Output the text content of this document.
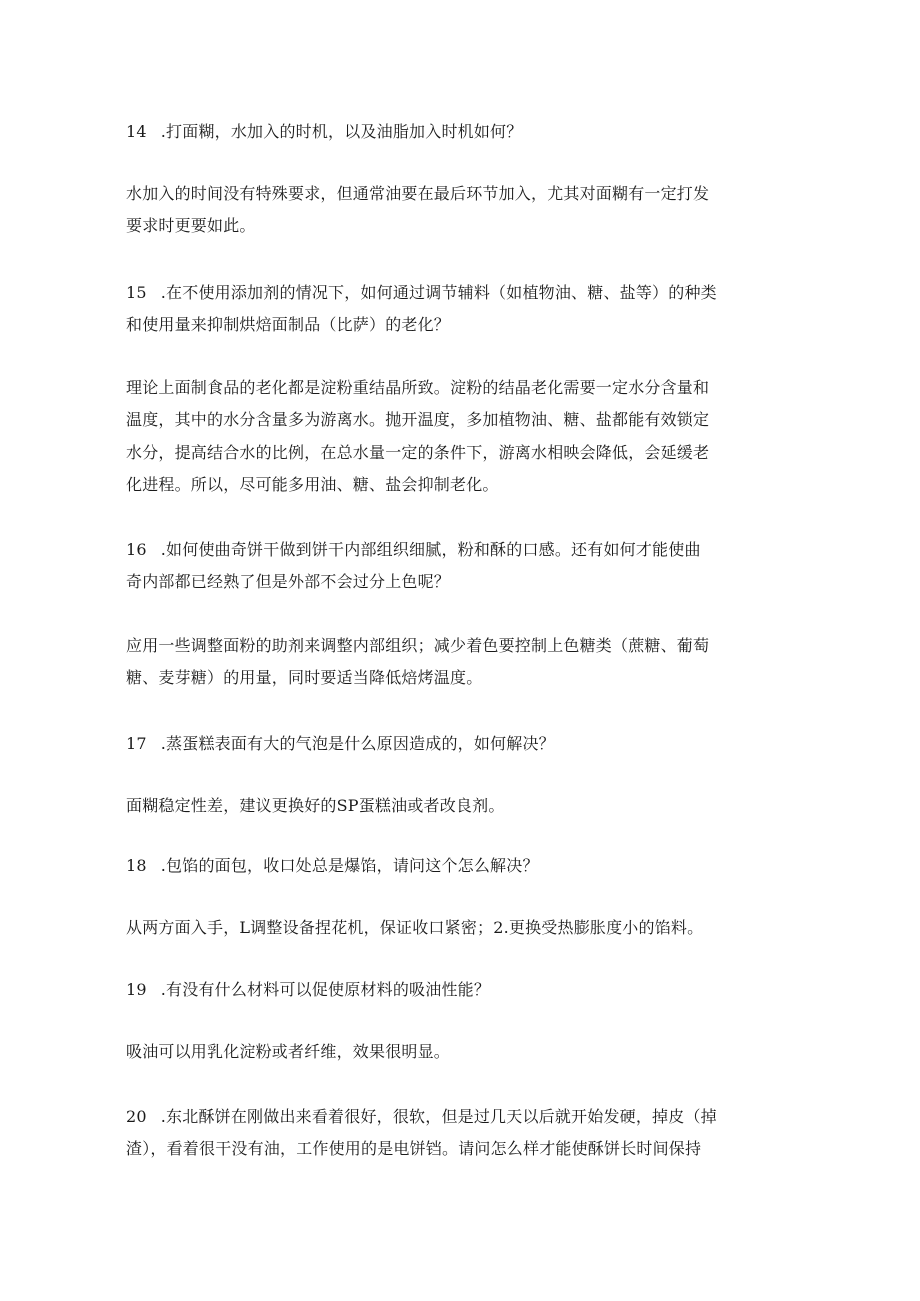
14 .打面糊，水加入的时机，以及油脂加入时机如何？
水加入的时间没有特殊要求，但通常油要在最后环节加入，尤其对面糊有一定打发
要求时更要如此。
15 .在不使用添加剂的情况下，如何通过调节辅料（如植物油、糖、盐等）的种类
和使用量来抑制烘焙面制品（比萨）的老化？
理论上面制食品的老化都是淀粉重结晶所致。淀粉的结晶老化需要一定水分含量和
温度，其中的水分含量多为游离水。抛开温度，多加植物油、糖、盐都能有效锁定
水分，提高结合水的比例，在总水量一定的条件下，游离水相映会降低，会延缓老
化进程。所以，尽可能多用油、糖、盐会抑制老化。
16 .如何使曲奇饼干做到饼干内部组织细腻，粉和酥的口感。还有如何才能使曲
奇内部都已经熟了但是外部不会过分上色呢？
应用一些调整面粉的助剂来调整内部组织；减少着色要控制上色糖类（蔗糖、葡萄
糖、麦芽糖）的用量，同时要适当降低焙烤温度。
17 .蒸蛋糕表面有大的气泡是什么原因造成的，如何解决？
面糊稳定性差，建议更换好的SP蛋糕油或者改良剂。
18 .包馅的面包，收口处总是爆馅，请问这个怎么解决？
从两方面入手，L调整设备捏花机，保证收口紧密；2.更换受热膨胀度小的馅料。
19 .有没有什么材料可以促使原材料的吸油性能？
吸油可以用乳化淀粉或者纤维，效果很明显。
20 .东北酥饼在刚做出来看着很好，很软，但是过几天以后就开始发硬，掉皮（掉
渣），看着很干没有油，工作使用的是电饼铛。请问怎么样才能使酥饼长时间保持
